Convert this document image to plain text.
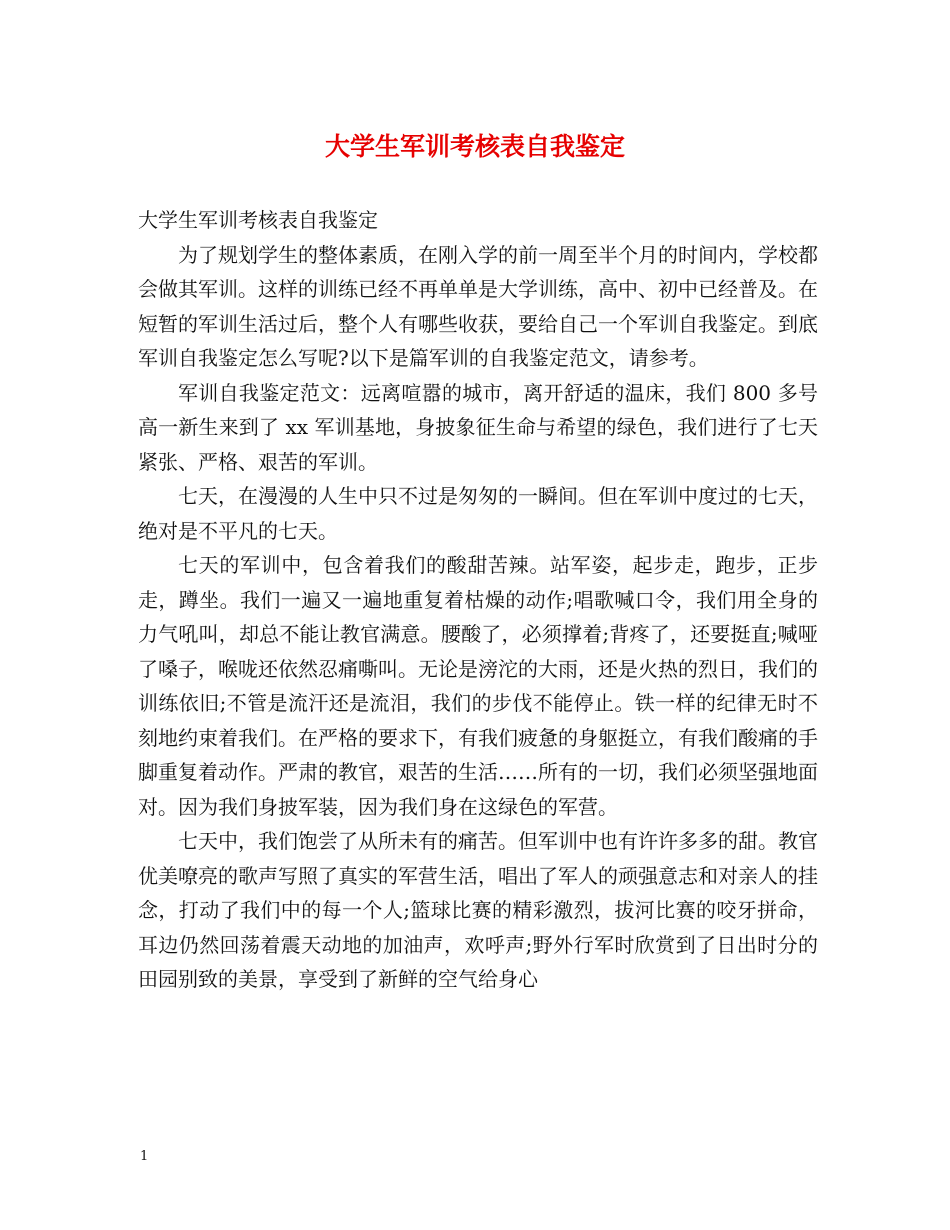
大学生军训考核表自我鉴定

大学生军训考核表自我鉴定

为了规划学生的整体素质，在刚入学的前一周至半个月的时间内，学校都会做其军训。这样的训练已经不再单单是大学训练，高中、初中已经普及。在短暂的军训生活过后，整个人有哪些收获，要给自己一个军训自我鉴定。到底军训自我鉴定怎么写呢?以下是篇军训的自我鉴定范文，请参考。

军训自我鉴定范文：远离喧嚣的城市，离开舒适的温床，我们 800 多号高一新生来到了 xx 军训基地，身披象征生命与希望的绿色，我们进行了七天紧张、严格、艰苦的军训。

七天，在漫漫的人生中只不过是匆匆的一瞬间。但在军训中度过的七天，绝对是不平凡的七天。

七天的军训中，包含着我们的酸甜苦辣。站军姿，起步走，跑步，正步走，蹲坐。我们一遍又一遍地重复着枯燥的动作;唱歌喊口令，我们用全身的力气吼叫，却总不能让教官满意。腰酸了，必须撑着;背疼了，还要挺直;喊哑了嗓子，喉咙还依然忍痛嘶叫。无论是滂沱的大雨，还是火热的烈日，我们的训练依旧;不管是流汗还是流泪，我们的步伐不能停止。铁一样的纪律无时不刻地约束着我们。在严格的要求下，有我们疲惫的身躯挺立，有我们酸痛的手脚重复着动作。严肃的教官，艰苦的生活……所有的一切，我们必须坚强地面对。因为我们身披军装，因为我们身在这绿色的军营。

七天中，我们饱尝了从所未有的痛苦。但军训中也有许许多多的甜。教官优美嘹亮的歌声写照了真实的军营生活，唱出了军人的顽强意志和对亲人的挂念，打动了我们中的每一个人;篮球比赛的精彩激烈，拔河比赛的咬牙拼命，耳边仍然回荡着震天动地的加油声，欢呼声;野外行军时欣赏到了日出时分的田园别致的美景，享受到了新鲜的空气给身心

1
